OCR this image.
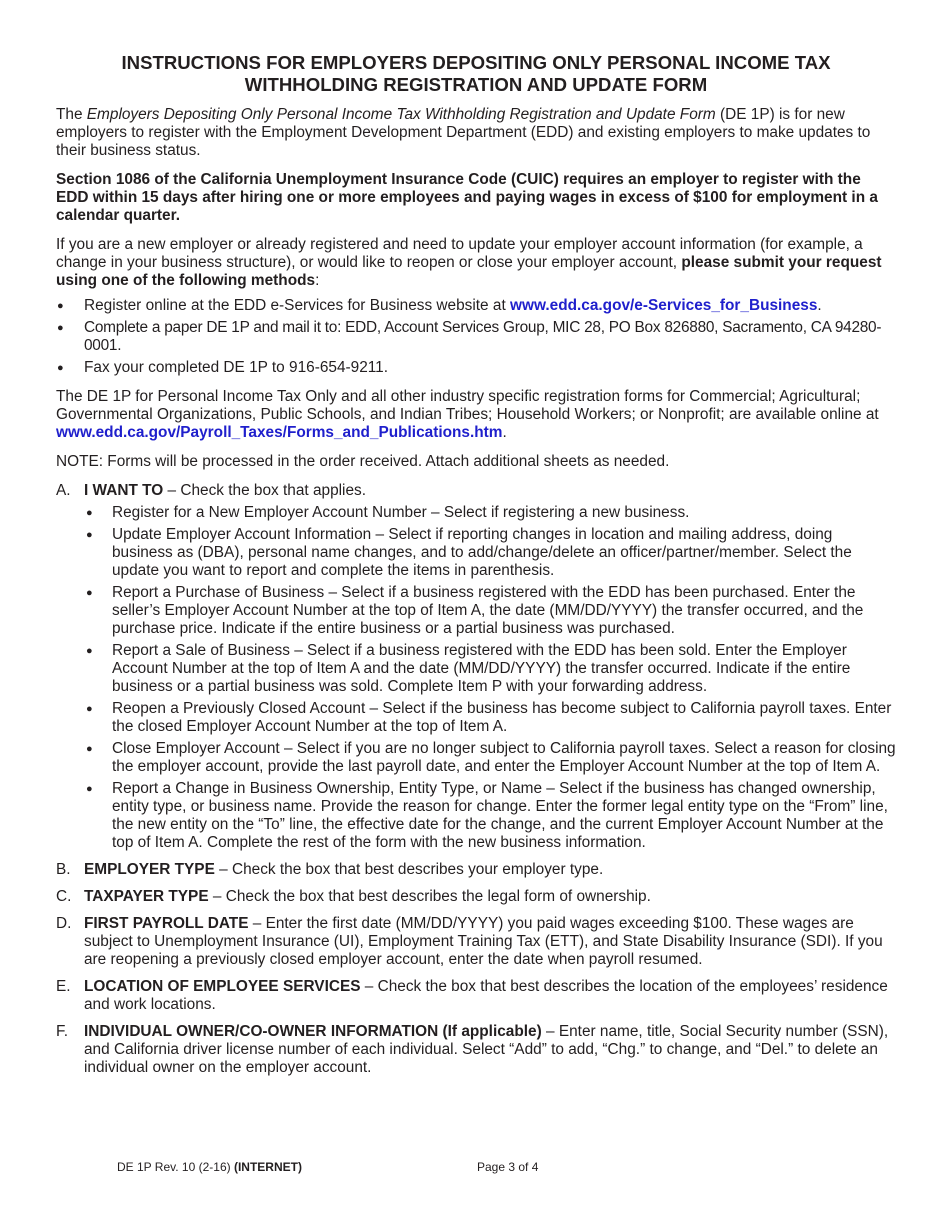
INSTRUCTIONS FOR EMPLOYERS DEPOSITING ONLY PERSONAL INCOME TAX WITHHOLDING REGISTRATION AND UPDATE FORM

The Employers Depositing Only Personal Income Tax Withholding Registration and Update Form (DE 1P) is for new employers to register with the Employment Development Department (EDD) and existing employers to make updates to their business status.

Section 1086 of the California Unemployment Insurance Code (CUIC) requires an employer to register with the EDD within 15 days after hiring one or more employees and paying wages in excess of $100 for employment in a calendar quarter.

If you are a new employer or already registered and need to update your employer account information (for example, a change in your business structure), or would like to reopen or close your employer account, please submit your request using one of the following methods:

● Register online at the EDD e-Services for Business website at www.edd.ca.gov/e-Services_for_Business.
● Complete a paper DE 1P and mail it to: EDD, Account Services Group, MIC 28, PO Box 826880, Sacramento, CA 94280-0001.
● Fax your completed DE 1P to 916-654-9211.

The DE 1P for Personal Income Tax Only and all other industry specific registration forms for Commercial; Agricultural; Governmental Organizations, Public Schools, and Indian Tribes; Household Workers; or Nonprofit; are available online at www.edd.ca.gov/Payroll_Taxes/Forms_and_Publications.htm.

NOTE: Forms will be processed in the order received. Attach additional sheets as needed.

A. I WANT TO – Check the box that applies.
● Register for a New Employer Account Number – Select if registering a new business.
● Update Employer Account Information – Select if reporting changes in location and mailing address, doing business as (DBA), personal name changes, and to add/change/delete an officer/partner/member. Select the update you want to report and complete the items in parenthesis.
● Report a Purchase of Business – Select if a business registered with the EDD has been purchased. Enter the seller’s Employer Account Number at the top of Item A, the date (MM/DD/YYYY) the transfer occurred, and the purchase price. Indicate if the entire business or a partial business was purchased.
● Report a Sale of Business – Select if a business registered with the EDD has been sold. Enter the Employer Account Number at the top of Item A and the date (MM/DD/YYYY) the transfer occurred. Indicate if the entire business or a partial business was sold. Complete Item P with your forwarding address.
● Reopen a Previously Closed Account – Select if the business has become subject to California payroll taxes. Enter the closed Employer Account Number at the top of Item A.
● Close Employer Account – Select if you are no longer subject to California payroll taxes. Select a reason for closing the employer account, provide the last payroll date, and enter the Employer Account Number at the top of Item A.
● Report a Change in Business Ownership, Entity Type, or Name – Select if the business has changed ownership, entity type, or business name. Provide the reason for change. Enter the former legal entity type on the “From” line, the new entity on the “To” line, the effective date for the change, and the current Employer Account Number at the top of Item A. Complete the rest of the form with the new business information.
B. EMPLOYER TYPE – Check the box that best describes your employer type.
C. TAXPAYER TYPE – Check the box that best describes the legal form of ownership.
D. FIRST PAYROLL DATE – Enter the first date (MM/DD/YYYY) you paid wages exceeding $100. These wages are subject to Unemployment Insurance (UI), Employment Training Tax (ETT), and State Disability Insurance (SDI). If you are reopening a previously closed employer account, enter the date when payroll resumed.
E. LOCATION OF EMPLOYEE SERVICES – Check the box that best describes the location of the employees’ residence and work locations.
F. INDIVIDUAL OWNER/CO-OWNER INFORMATION (If applicable) – Enter name, title, Social Security number (SSN), and California driver license number of each individual. Select “Add” to add, “Chg.” to change, and “Del.” to delete an individual owner on the employer account.
DE 1P Rev. 10 (2-16) (INTERNET)	Page 3 of 4
